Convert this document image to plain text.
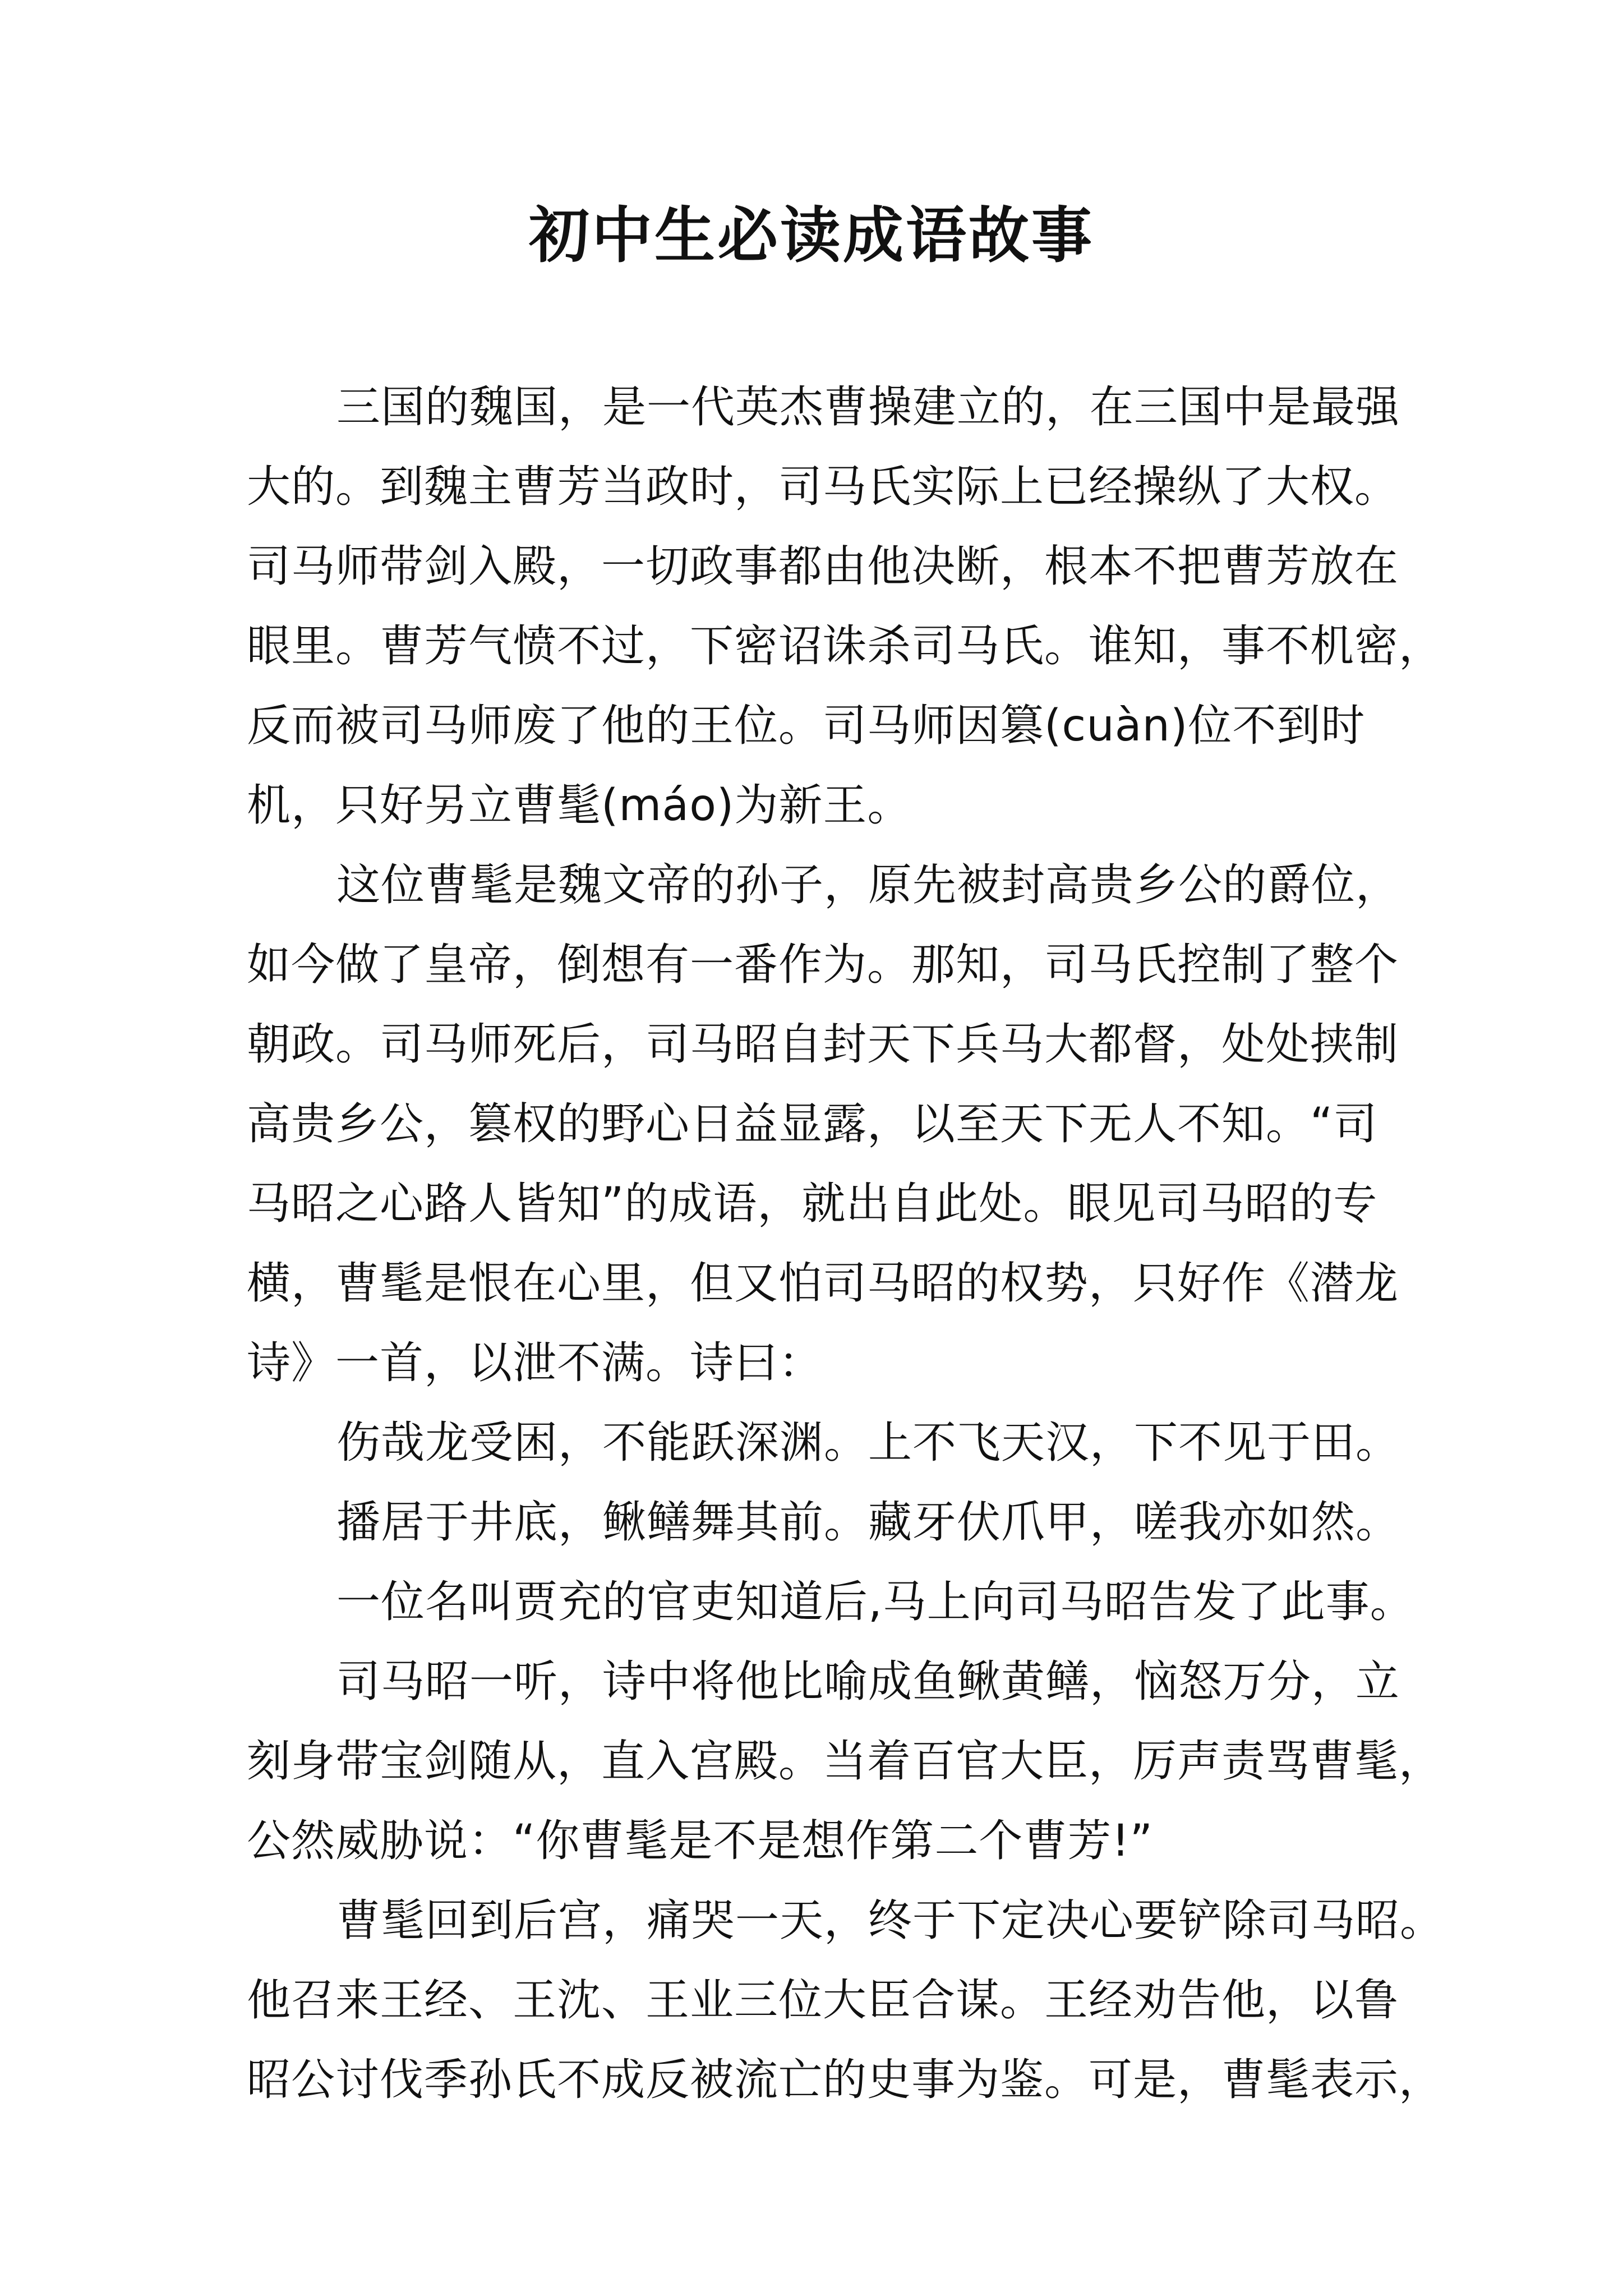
初中生必读成语故事

三国的魏国，是一代英杰曹操建立的，在三国中是最强

大的。到魏主曹芳当政时，司马氏实际上已经操纵了大权。

司马师带剑入殿，一切政事都由他决断，根本不把曹芳放在

眼里。曹芳气愤不过，下密诏诛杀司马氏。谁知，事不机密，

反而被司马师废了他的王位。司马师因篡(cuàn)位不到时

机，只好另立曹髦(máo)为新王。

这位曹髦是魏文帝的孙子，原先被封高贵乡公的爵位，

如今做了皇帝，倒想有一番作为。那知，司马氏控制了整个

朝政。司马师死后，司马昭自封天下兵马大都督，处处挟制

高贵乡公，篡权的野心日益显露，以至天下无人不知。“司

马昭之心路人皆知”的成语，就出自此处。眼见司马昭的专

横，曹髦是恨在心里，但又怕司马昭的权势，只好作《潜龙

诗》一首，以泄不满。诗曰：

伤哉龙受困，不能跃深渊。上不飞天汉，下不见于田。

播居于井底，鳅鳝舞其前。藏牙伏爪甲，嗟我亦如然。

一位名叫贾充的官吏知道后,马上向司马昭告发了此事。

司马昭一听，诗中将他比喻成鱼鳅黄鳝，恼怒万分，立

刻身带宝剑随从，直入宫殿。当着百官大臣，厉声责骂曹髦，

公然威胁说：“你曹髦是不是想作第二个曹芳!”

曹髦回到后宫，痛哭一天，终于下定决心要铲除司马昭。

他召来王经、王沈、王业三位大臣合谋。王经劝告他，以鲁

昭公讨伐季孙氏不成反被流亡的史事为鉴。可是，曹髦表示，
